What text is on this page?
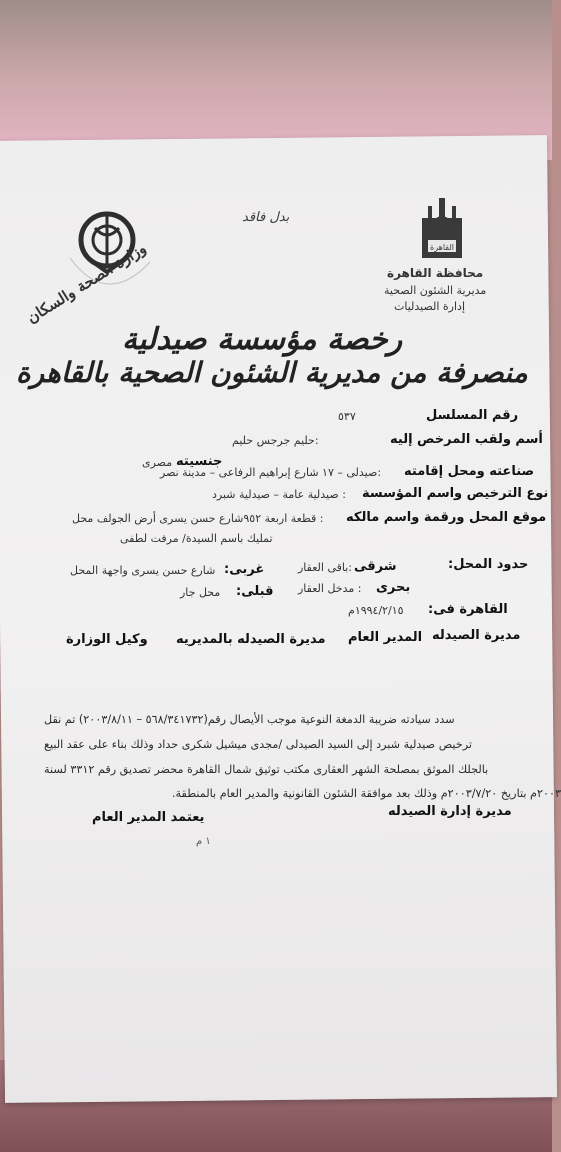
القاهرة
وزارة الصحة والسكان
بدل فاقد
محافظة القاهرة
مديرية الشئون الصحية
إدارة الصيدليات
رخصة مؤسسة صيدلية
منصرفة من مديرية الشئون الصحية بالقاهرة
رقم المسلسل
٥٣٧
أسم ولقب المرخص إليه
:حليم جرجس حليم
جنسيته
مصرى
صناعته ومحل إقامته
:صيدلى – ١٧ شارع إبراهيم الرفاعى – مدينة نصر
نوع الترخيص واسم المؤسسة
: صيدلية عامة – صيدلية شبرد
موقع المحل ورقمة واسم مالكه
: قطعة اربعة ٩٥٢شارع حسن يسرى أرض الجولف محل
تمليك باسم السيدة/ مرفت لطفى
حدود المحل:
شرقى
:باقى العقار
غربى:
شارع حسن يسرى واجهة المحل
بحرى
: مدخل العقار
قبلى:
محل جار
القاهرة فى:
١٩٩٤/٢/١٥م
مديرة الصيدله
المدير العام
مديرة الصيدله بالمديريه
وكيل الوزارة
سدد سيادته ضريبة الدمغة النوعية موجب الأيصال رقم(٥٦٨/٣٤١٧٣٢ – ٢٠٠٣/٨/١١) تم نقل
ترخيص صيدلية شبرد إلى السيد الصيدلى /مجدى ميشيل شكرى حداد وذلك بناء على عقد البيع
بالجلك الموثق بمصلحة الشهر العقارى مكتب توثيق شمال القاهرة محضر تصديق رقم ٣٣١٢ لسنة
٢٠٠٣م بتاريخ ٢٠٠٣/٧/٢٠م وذلك بعد موافقة الشئون القانونية والمدير العام بالمنطقة.
مديرة إدارة الصيدله
يعتمد المدير العام
١ م
